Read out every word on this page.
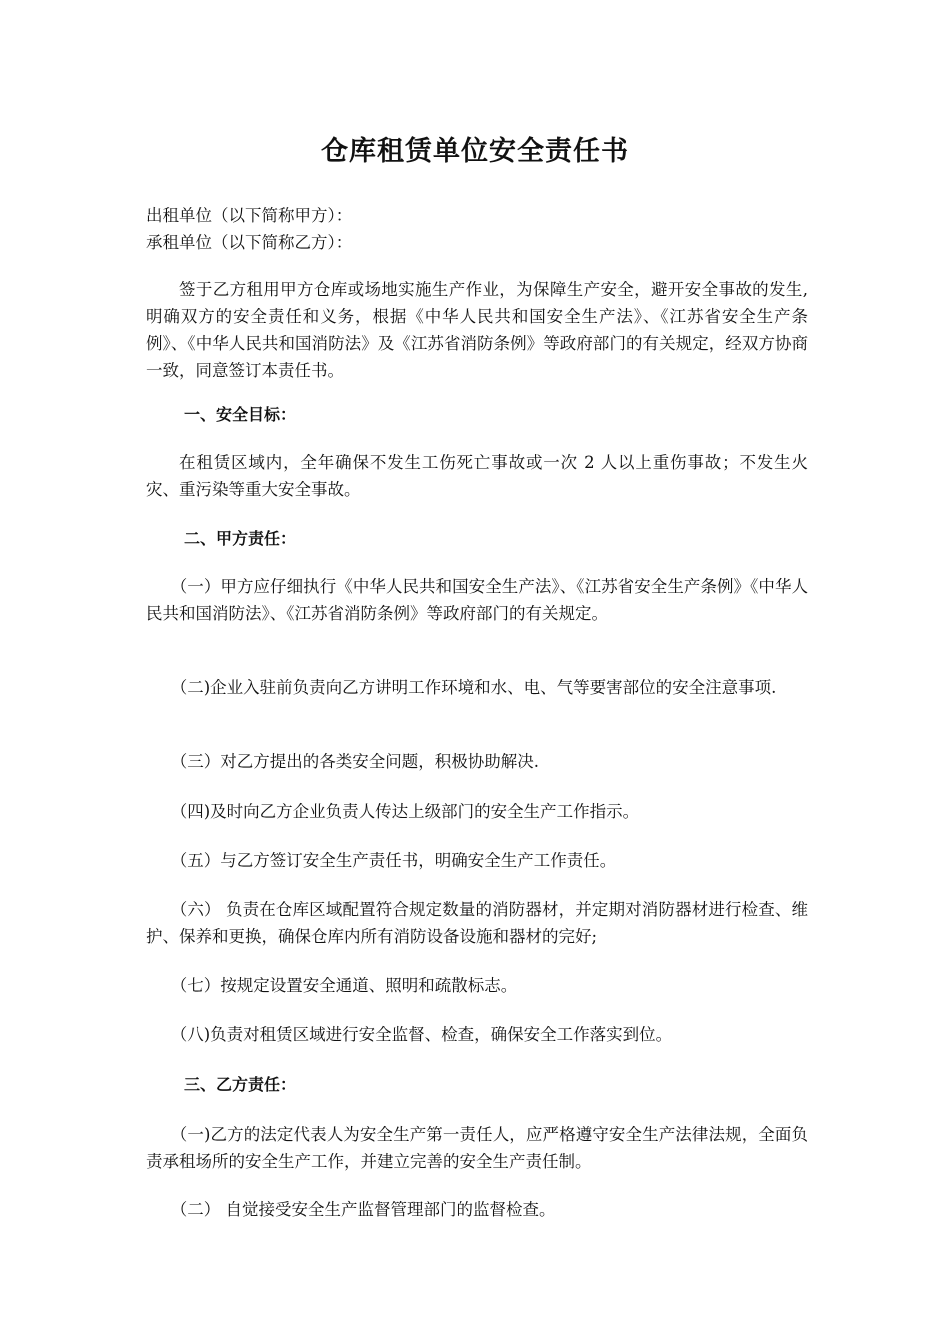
仓库租赁单位安全责任书
出租单位（以下简称甲方）：
承租单位（以下简称乙方）：
签于乙方租用甲方仓库或场地实施生产作业，为保障生产安全，避开安全事故的发生,明确双方的安全责任和义务，根据《中华人民共和国安全生产法》、《江苏省安全生产条例》、《中华人民共和国消防法》及《江苏省消防条例》等政府部门的有关规定，经双方协商一致，同意签订本责任书。
一、安全目标：
在租赁区域内，全年确保不发生工伤死亡事故或一次 2 人以上重伤事故；不发生火灾、重污染等重大安全事故。
二、甲方责任：
（一）甲方应仔细执行《中华人民共和国安全生产法》、《江苏省安全生产条例》《中华人民共和国消防法》、《江苏省消防条例》等政府部门的有关规定。
（二)企业入驻前负责向乙方讲明工作环境和水、电、气等要害部位的安全注意事项.
（三）对乙方提出的各类安全问题，积极协助解决.
（四)及时向乙方企业负责人传达上级部门的安全生产工作指示。
（五）与乙方签订安全生产责任书，明确安全生产工作责任。
（六） 负责在仓库区域配置符合规定数量的消防器材，并定期对消防器材进行检查、维护、保养和更换，确保仓库内所有消防设备设施和器材的完好;
（七）按规定设置安全通道、照明和疏散标志。
（八)负责对租赁区域进行安全监督、检查，确保安全工作落实到位。
三、乙方责任：
（一)乙方的法定代表人为安全生产第一责任人，应严格遵守安全生产法律法规，全面负责承租场所的安全生产工作，并建立完善的安全生产责任制。
（二） 自觉接受安全生产监督管理部门的监督检查。
